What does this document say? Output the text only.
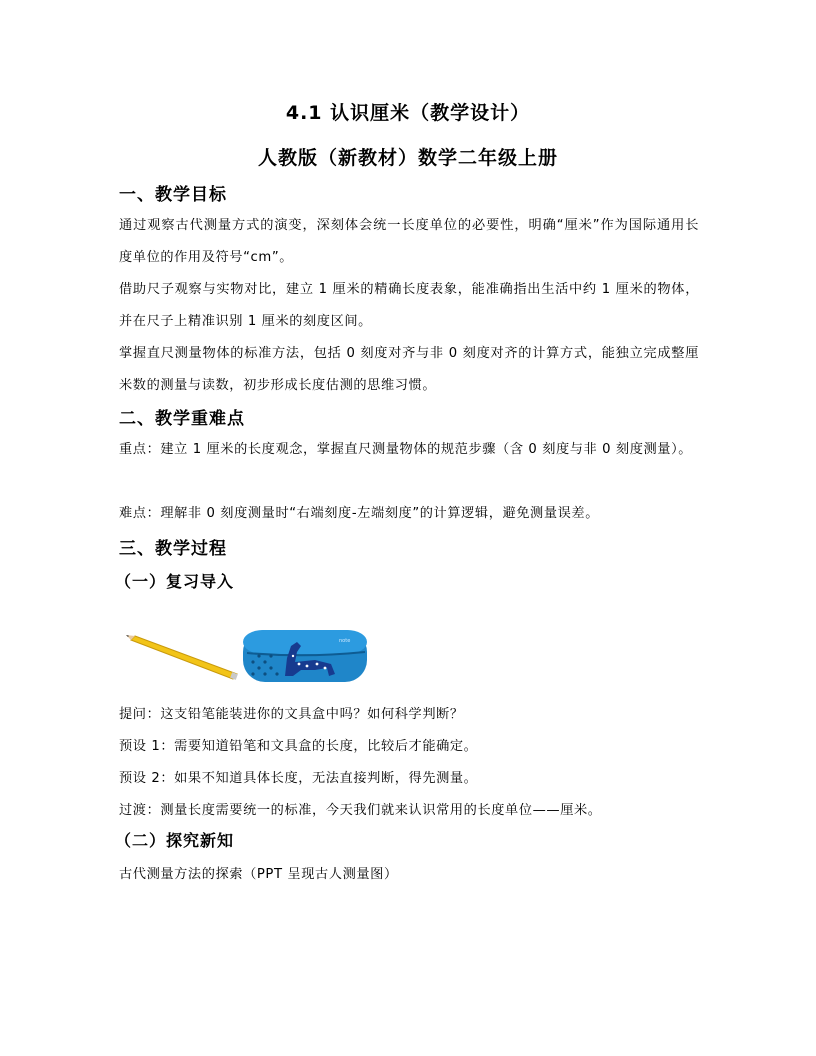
4.1 认识厘米（教学设计）
人教版（新教材）数学二年级上册
一、教学目标
通过观察古代测量方式的演变，深刻体会统一长度单位的必要性，明确“厘米”作为国际通用长度单位的作用及符号“cm”。
借助尺子观察与实物对比，建立 1 厘米的精确长度表象，能准确指出生活中约 1 厘米的物体，并在尺子上精准识别 1 厘米的刻度区间。
掌握直尺测量物体的标准方法，包括 0 刻度对齐与非 0 刻度对齐的计算方式，能独立完成整厘米数的测量与读数，初步形成长度估测的思维习惯。
二、教学重难点
重点：建立 1 厘米的长度观念，掌握直尺测量物体的规范步骤（含 0 刻度与非 0 刻度测量）。
难点：理解非 0 刻度测量时“右端刻度-左端刻度”的计算逻辑，避免测量误差。
三、教学过程
（一）复习导入
note
提问：这支铅笔能装进你的文具盒中吗？如何科学判断？
预设 1：需要知道铅笔和文具盒的长度，比较后才能确定。
预设 2：如果不知道具体长度，无法直接判断，得先测量。
过渡：测量长度需要统一的标准，今天我们就来认识常用的长度单位——厘米。
（二）探究新知
古代测量方法的探索（PPT 呈现古人测量图）
